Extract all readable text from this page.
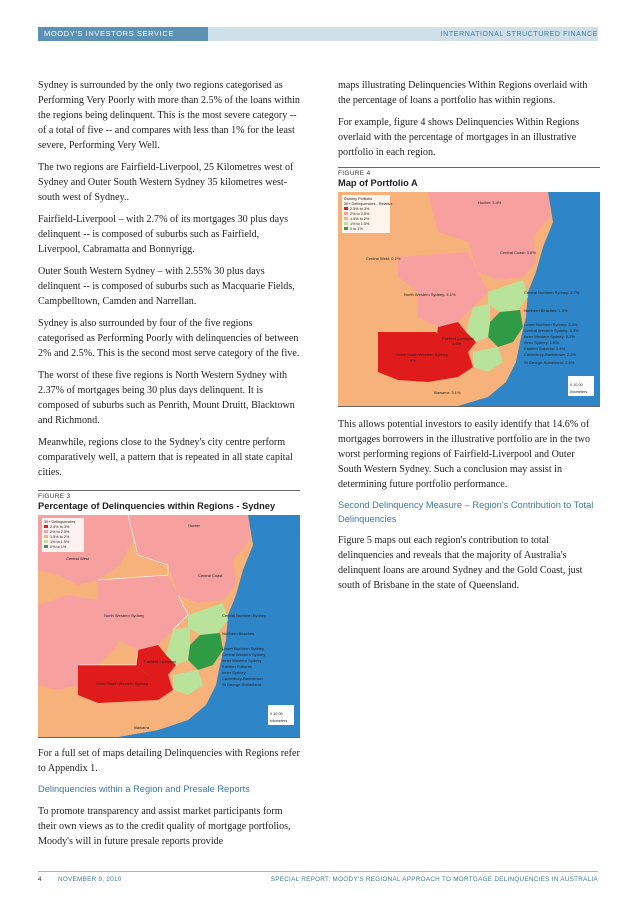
MOODY'S INVESTORS SERVICE	INTERNATIONAL STRUCTURED FINANCE

Sydney is surrounded by the only two regions categorised as Performing Very Poorly with more than 2.5% of the loans within the regions being delinquent. This is the most severe category -- of a total of five -- and compares with less than 1% for the least severe, Performing Very Well.

The two regions are Fairfield-Liverpool, 25 Kilometres west of Sydney and Outer South Western Sydney 35 kilometres west-south west of Sydney..

Fairfield-Liverpool – with 2.7% of its mortgages 30 plus days delinquent -- is composed of suburbs such as Fairfield, Liverpool, Cabramatta and Bonnyrigg.

Outer South Western Sydney – with 2.55% 30 plus days delinquent -- is composed of suburbs such as Macquarie Fields, Campbelltown, Camden and Narrellan.

Sydney is also surrounded by four of the five regions categorised as Performing Poorly with delinquencies of between 2% and 2.5%. This is the second most serve category of the five.

The worst of these five regions is North Western Sydney with 2.37% of mortgages being 30 plus days delinquent. It is composed of suburbs such as Penrith, Mount Druitt, Blacktown and Richmond.

Meanwhile, regions close to the Sydney's city centre perform comparatively well, a pattern that is repeated in all state capital cities.

FIGURE 3
Percentage of Delinquencies within Regions - Sydney
30+ Delinquencies
2.5% to 3%
2% to 2.5%
1.5% to 2%
1% to 1.5%
0% to 1%
Hunter
Central West
Central Coast
North Western Sydney	Central Northern Sydney
Northern Beaches
Lower Northern Sydney
Central Western Sydney
Inner Western Sydney
Eastern Suburbs
Inner Sydney
Canterbury-Bankstown
St George-Sutherland
Fairfield-Liverpool
Outer South Western Sydney
Illawarra
0 10,00
kilometers

For a full set of maps detailing Delinquencies with Regions refer to Appendix 1.

Delinquencies within a Region and Presale Reports

To promote transparency and assist market participants form their own views as to the credit quality of mortgage portfolios, Moody's will in future presale reports provide

maps illustrating Delinquencies Within Regions overlaid with the percentage of loans a portfolio has within regions.

For example, figure 4 shows Delinquencies Within Regions overlaid with the percentage of mortgages in an illustrative portfolio in each region.

FIGURE 4
Map of Portfolio A
Dummy Portfolio
30+ Delinquencies - Relative
2.5% to 3%
2% to 2.5%
1.5% to 2%
1% to 1.5%
0 to 1%
Hunter: 3.4%
Central Coast: 3.8%
Central West: 0.2%
North Western Sydney: 4.1%	Central Northern Sydney: 2.7%
Northern Beaches: 1.3%
Lower Northern Sydney: 3.4%
Central Western Sydney: 3.3%
Inner Western Sydney: 0.3%
Inner Sydney: 1.6%
Eastern Suburbs: 0.4%
Canterbury-Bankstown: 2.2%
St George-Sutherland: 2.8%
Fairfield-Liverpool
4.6%
Outer South Western Sydney
9%
Illawarra: 3.1%
0 10,00
kilometers

This allows potential investors to easily identify that 14.6% of mortgages borrowers in the illustrative portfolio are in the two worst performing regions of Fairfield-Liverpool and Outer South Western Sydney. Such a conclusion may assist in determining future portfolio performance.

Second Delinquency Measure – Region's Contribution to Total Delinquencies

Figure 5 maps out each region's contribution to total delinquencies and reveals that the majority of Australia's delinquent loans are around Sydney and the Gold Coast, just south of Brisbane in the state of Queensland.

4	NOVEMBER 9, 2010	SPECIAL REPORT: MOODY'S REGIONAL APPROACH TO MORTGAGE DELINQUENCIES IN AUSTRALIA
